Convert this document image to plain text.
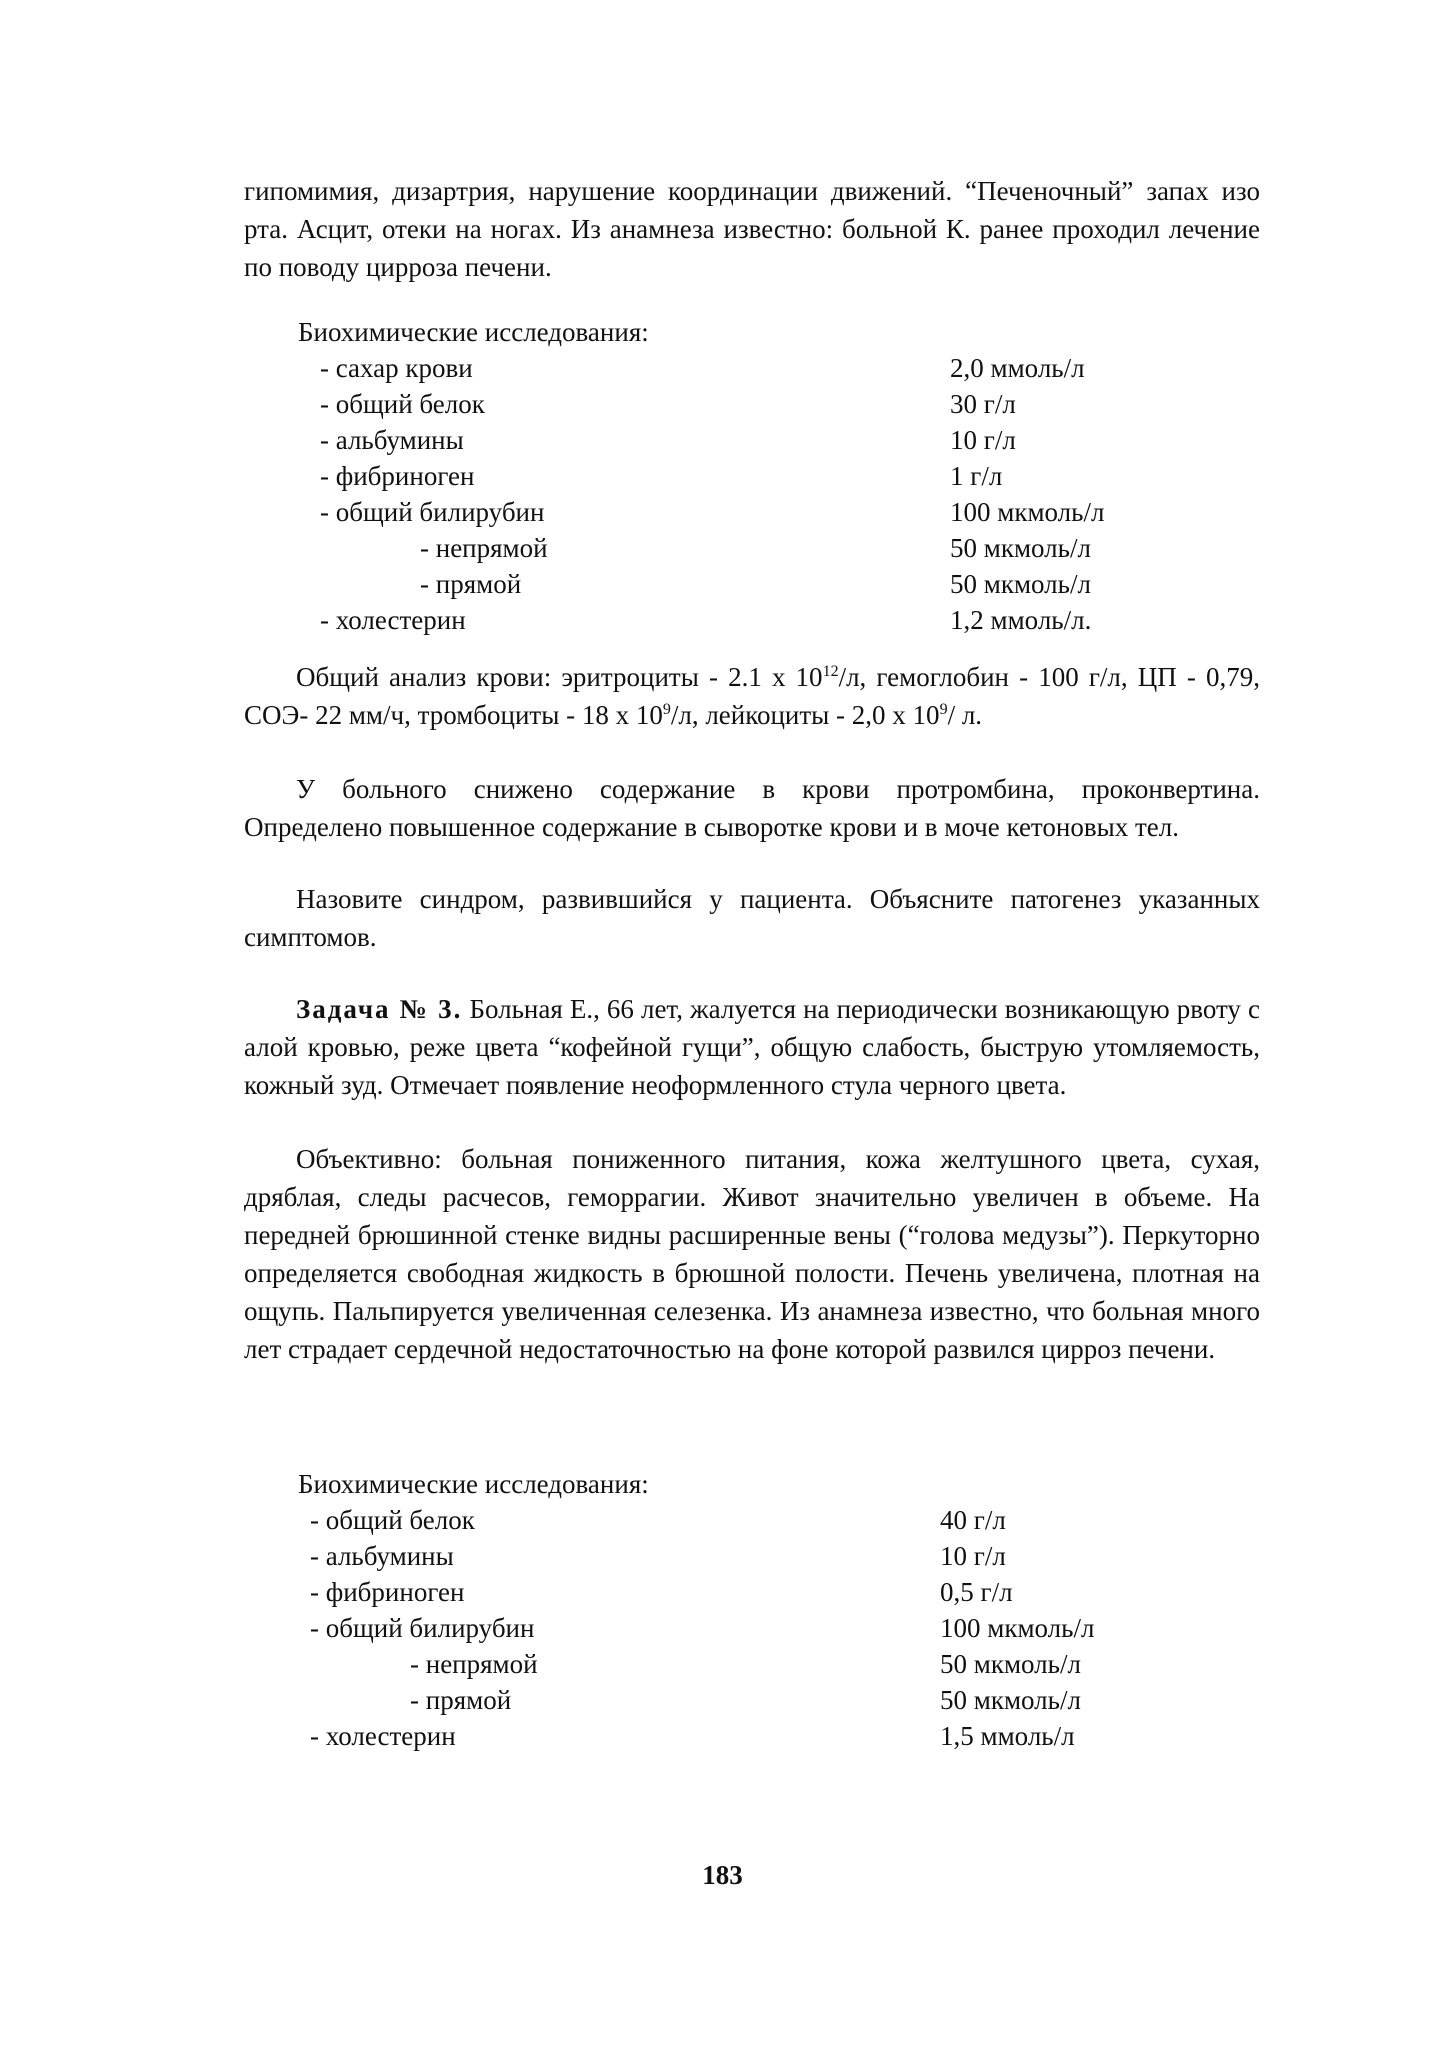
гипомимия, дизартрия, нарушение координации движений. “Печеночный” запах изо рта. Асцит, отеки на ногах. Из анамнеза известно: больной К. ранее проходил лечение по поводу цирроза печени.

Биохимические исследования:
- сахар крови	2,0 ммоль/л
- общий белок	30 г/л
- альбумины	10 г/л
- фибриноген	1 г/л
- общий билирубин	100 мкмоль/л
- непрямой	50 мкмоль/л
- прямой	50 мкмоль/л
- холестерин	1,2 ммоль/л.

Общий анализ крови: эритроциты - 2.1 х $10^{12}/л$, гемоглобин - 100 г/л, ЦП - 0,79, СОЭ- 22 мм/ч, тромбоциты - 18 х $10^9/л$, лейкоциты - 2,0 х $10^9/$ л.

У больного снижено содержание в крови протромбина, проконвертина. Определено повышенное содержание в сыворотке крови и в моче кетоновых тел.

Назовите синдром, развившийся у пациента. Объясните патогенез указанных симптомов.

Задача № 3. Больная Е., 66 лет, жалуется на периодически возникающую рвоту с алой кровью, реже цвета “кофейной гущи”, общую слабость, быструю утомляемость, кожный зуд. Отмечает появление неоформленного стула черного цвета.

Объективно: больная пониженного питания, кожа желтушного цвета, сухая, дряблая, следы расчесов, геморрагии. Живот значительно увеличен в объеме. На передней брюшинной стенке видны расширенные вены (“голова медузы”). Перкуторно определяется свободная жидкость в брюшной полости. Печень увеличена, плотная на ощупь. Пальпируется увеличенная селезенка. Из анамнеза известно, что больная много лет страдает сердечной недостаточностью на фоне которой развился цирроз печени.

Биохимические исследования:
- общий белок	40 г/л
- альбумины	10 г/л
- фибриноген	0,5 г/л
- общий билирубин	100 мкмоль/л
- непрямой	50 мкмоль/л
- прямой	50 мкмоль/л
- холестерин	1,5 ммоль/л
183
